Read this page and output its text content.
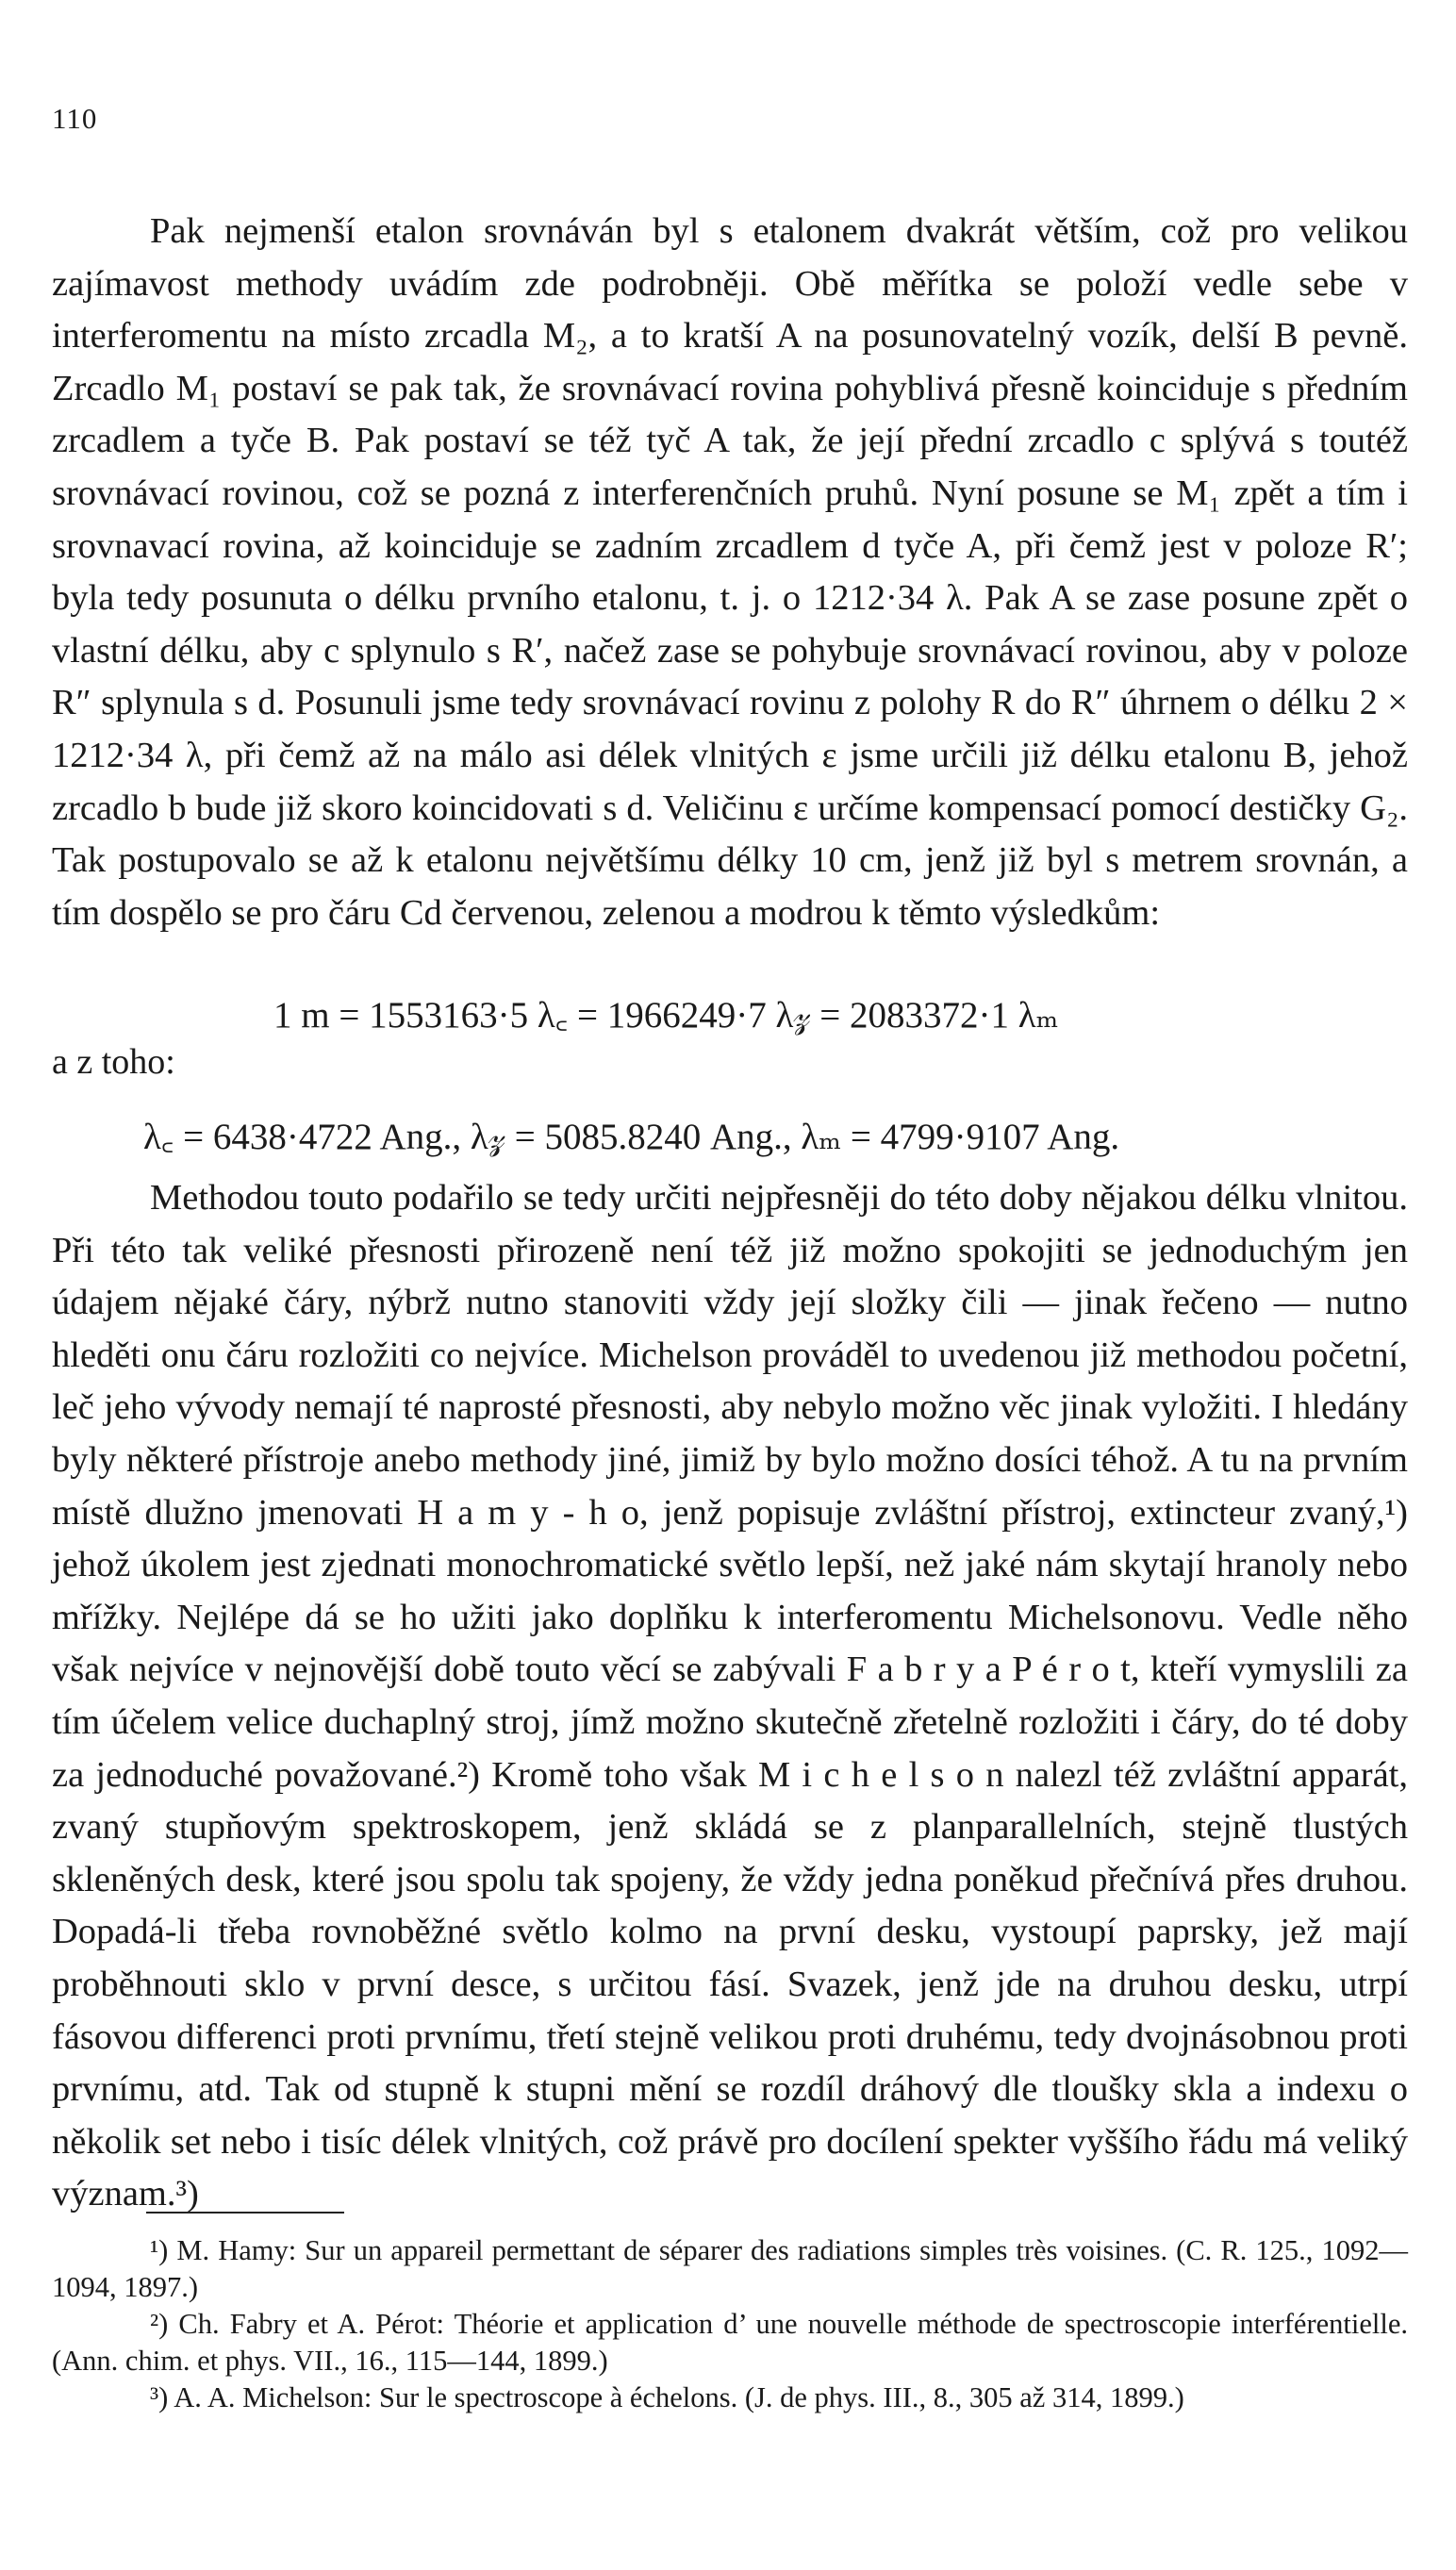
110
Pak nejmenší etalon srovnáván byl s etalonem dvakrát větším, což pro velikou zajímavost methody uvádím zde podrobněji. Obě měřítka se položí vedle sebe v interferomentu na místo zrcadla M₂, a to kratší A na posunovatelný vozík, delší B pevně. Zrcadlo M₁ postaví se pak tak, že srovnávací rovina pohyblivá přesně koinciduje s předním zrcadlem a tyče B. Pak postaví se též tyč A tak, že její přední zrcadlo c splývá s toutéž srovnávací rovinou, což se pozná z interferenčních pruhů. Nyní posune se M₁ zpět a tím i srovnavací rovina, až koinciduje se zadním zrcadlem d tyče A, při čemž jest v poloze R′; byla tedy posunuta o délku prvního etalonu, t. j. o 1212·34 λ. Pak A se zase posune zpět o vlastní délku, aby c splynulo s R′, načež zase se pohybuje srovnávací rovinou, aby v poloze R″ splynula s d. Posunuli jsme tedy srovnávací rovinu z polohy R do R″ úhrnem o délku 2 × 1212·34 λ, při čemž až na málo asi délek vlnitých ε jsme určili již délku etalonu B, jehož zrcadlo b bude již skoro koincidovati s d. Veličinu ε určíme kompensací pomocí destičky G₂. Tak postupovalo se až k etalonu největšímu délky 10 cm, jenž již byl s metrem srovnán, a tím dospělo se pro čáru Cd červenou, zelenou a modrou k těmto výsledkům:
1 m = 1553163·5 λ꜀ = 1966249·7 λ𝓏 = 2083372·1 λₘ
a z toho:
λ꜀ = 6438·4722 Ang., λ𝓏 = 5085.8240 Ang., λₘ = 4799·9107 Ang.
Methodou touto podařilo se tedy určiti nejpřesněji do této doby nějakou délku vlnitou. Při této tak veliké přesnosti přirozeně není též již možno spokojiti se jednoduchým jen údajem nějaké čáry, nýbrž nutno stanoviti vždy její složky čili — jinak řečeno — nutno hleděti onu čáru rozložiti co nejvíce. Michelson prováděl to uvedenou již methodou početní, leč jeho vývody nemají té naprosté přesnosti, aby nebylo možno věc jinak vyložiti. I hledány byly některé přístroje anebo methody jiné, jimiž by bylo možno dosíci téhož. A tu na prvním místě dlužno jmenovati H a m y - h o, jenž popisuje zvláštní přístroj, extincteur zvaný,¹) jehož úkolem jest zjednati monochromatické světlo lepší, než jaké nám skytají hranoly nebo mřížky. Nejlépe dá se ho užiti jako doplňku k interferomentu Michelsonovu. Vedle něho však nejvíce v nejnovější době touto věcí se zabývali F a b r y a P é r o t, kteří vymyslili za tím účelem velice duchaplný stroj, jímž možno skutečně zřetelně rozložiti i čáry, do té doby za jednoduché považované.²) Kromě toho však M i c h e l s o n nalezl též zvláštní apparát, zvaný stupňovým spektroskopem, jenž skládá se z planparallelních, stejně tlustých skleněných desk, které jsou spolu tak spojeny, že vždy jedna poněkud přečnívá přes druhou. Dopadá-li třeba rovnoběžné světlo kolmo na první desku, vystoupí paprsky, jež mají proběhnouti sklo v první desce, s určitou fásí. Svazek, jenž jde na druhou desku, utrpí fásovou differenci proti prvnímu, třetí stejně velikou proti druhému, tedy dvojnásobnou proti prvnímu, atd. Tak od stupně k stupni mění se rozdíl dráhový dle tloušky skla a indexu o několik set nebo i tisíc délek vlnitých, což právě pro docílení spekter vyššího řádu má veliký význam.³)

¹) M. Hamy: Sur un appareil permettant de séparer des radiations simples très voisines. (C. R. 125., 1092—1094, 1897.)

²) Ch. Fabry et A. Pérot: Théorie et application d’ une nouvelle méthode de spectroscopie interférentielle. (Ann. chim. et phys. VII., 16., 115—144, 1899.)

³) A. A. Michelson: Sur le spectroscope à échelons. (J. de phys. III., 8., 305 až 314, 1899.)
